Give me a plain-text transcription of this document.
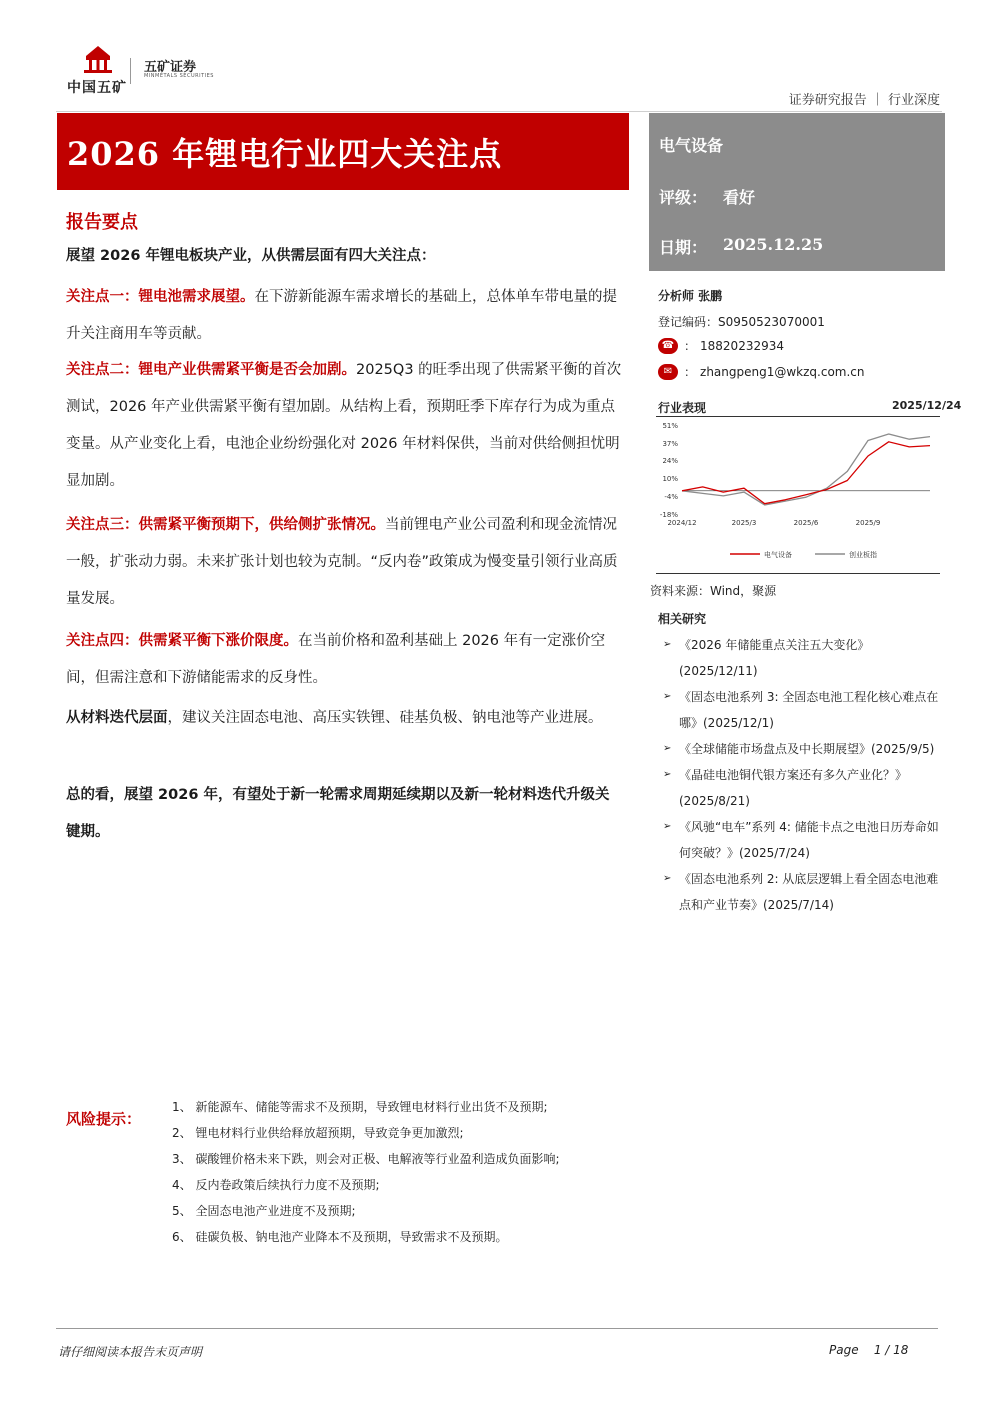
中国五矿
五矿证券
MINMETALS SECURITIES
证券研究报告 ｜ 行业深度
2026 年锂电行业四大关注点	电气设备
评级： 看好
日期： 2025.12.25
报告要点
展望 2026 年锂电板块产业，从供需层面有四大关注点：
关注点一：锂电池需求展望。在下游新能源车需求增长的基础上，总体单车带电量的提升关注商用车等贡献。
关注点二：锂电产业供需紧平衡是否会加剧。2025Q3 的旺季出现了供需紧平衡的首次测试，2026 年产业供需紧平衡有望加剧。从结构上看，预期旺季下库存行为成为重点变量。从产业变化上看，电池企业纷纷强化对 2026 年材料保供，当前对供给侧担忧明显加剧。
关注点三：供需紧平衡预期下，供给侧扩张情况。当前锂电产业公司盈利和现金流情况一般，扩张动力弱。未来扩张计划也较为克制。“反内卷”政策成为慢变量引领行业高质量发展。
关注点四：供需紧平衡下涨价限度。在当前价格和盈利基础上 2026 年有一定涨价空间，但需注意和下游储能需求的反身性。
从材料迭代层面，建议关注固态电池、高压实铁锂、硅基负极、钠电池等产业进展。
总的看，展望 2026 年，有望处于新一轮需求周期延续期以及新一轮材料迭代升级关键期。
分析师 张鹏
登记编码：S0950523070001
☎ ： 18820232934
✉ ： zhangpeng1@wkzq.com.cn
行业表现	2025/12/24
51%
37%
24%
10%
-4%
-18%
2024/12	2025/3	2025/6	2025/9
电气设备	创业板指
资料来源：Wind，聚源
相关研究
➢ 《2026 年储能重点关注五大变化》(2025/12/11)
➢ 《固态电池系列 3: 全固态电池工程化核心难点在哪》(2025/12/1)
➢ 《全球储能市场盘点及中长期展望》(2025/9/5)
➢ 《晶硅电池铜代银方案还有多久产业化？》(2025/8/21)
➢ 《风驰“电车”系列 4: 储能卡点之电池日历寿命如何突破？》(2025/7/24)
➢ 《固态电池系列 2: 从底层逻辑上看全固态电池难点和产业节奏》(2025/7/14)
风险提示：
1、 新能源车、储能等需求不及预期，导致锂电材料行业出货不及预期;
2、 锂电材料行业供给释放超预期，导致竞争更加激烈;
3、 碳酸锂价格未来下跌，则会对正极、电解液等行业盈利造成负面影响;
4、 反内卷政策后续执行力度不及预期;
5、 全固态电池产业进度不及预期;
6、 硅碳负极、钠电池产业降本不及预期，导致需求不及预期。
请仔细阅读本报告末页声明	Page    1 / 18
